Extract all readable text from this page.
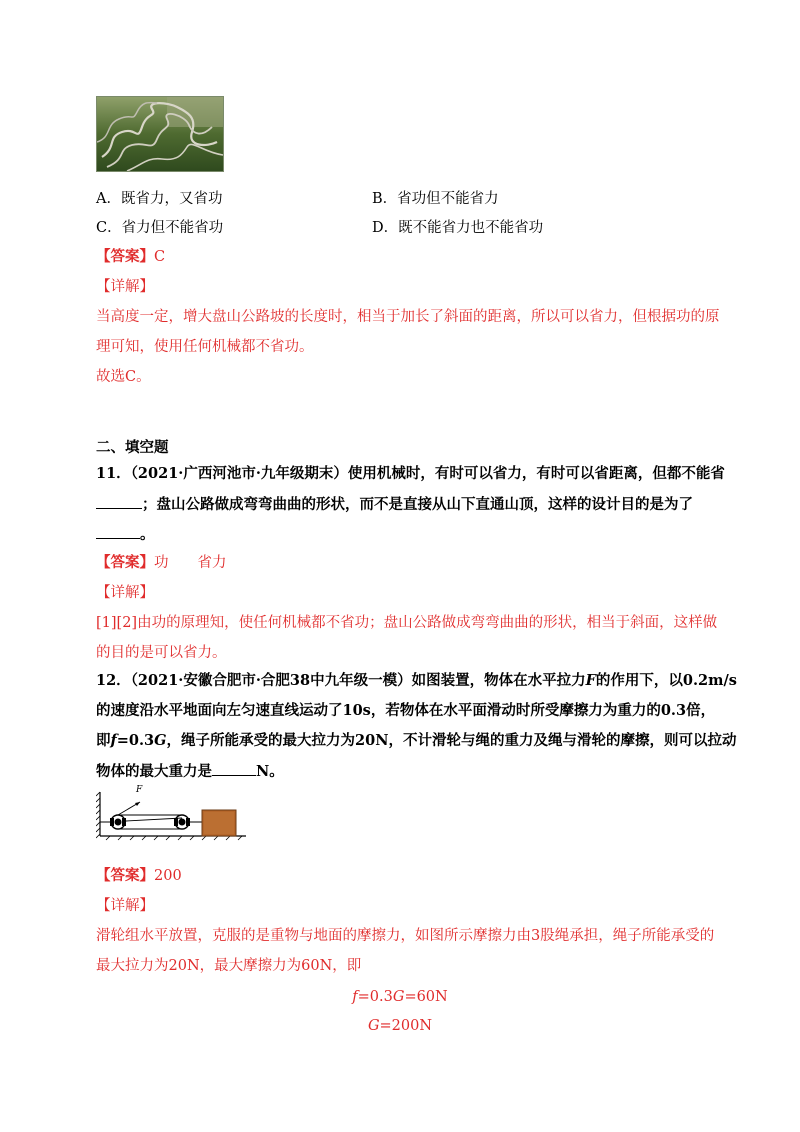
A．既省力，又省功	B．省功但不能省力
C．省力但不能省功	D．既不能省力也不能省功
【答案】C
【详解】
当高度一定，增大盘山公路坡的长度时，相当于加长了斜面的距离，所以可以省力，但根据功的原
理可知，使用任何机械都不省功。
故选C。
二、填空题
11．（2021·广西河池市·九年级期末）使用机械时，有时可以省力，有时可以省距离，但都不能省
；盘山公路做成弯弯曲曲的形状，而不是直接从山下直通山顶，这样的设计目的是为了
。
【答案】功　　省力
【详解】
[1][2]由功的原理知，使任何机械都不省功；盘山公路做成弯弯曲曲的形状，相当于斜面，这样做
的目的是可以省力。
12．（2021·安徽合肥市·合肥38中九年级一模）如图装置，物体在水平拉力F的作用下，以0.2m/s
的速度沿水平地面向左匀速直线运动了10s，若物体在水平面滑动时所受摩擦力为重力的0.3倍，
即f=0.3G，绳子所能承受的最大拉力为20N，不计滑轮与绳的重力及绳与滑轮的摩擦，则可以拉动
物体的最大重力是	N。
F
【答案】200
【详解】
滑轮组水平放置，克服的是重物与地面的摩擦力，如图所示摩擦力由3股绳承担，绳子所能承受的
最大拉力为20N，最大摩擦力为60N，即
f=0.3G=60N
G=200N
